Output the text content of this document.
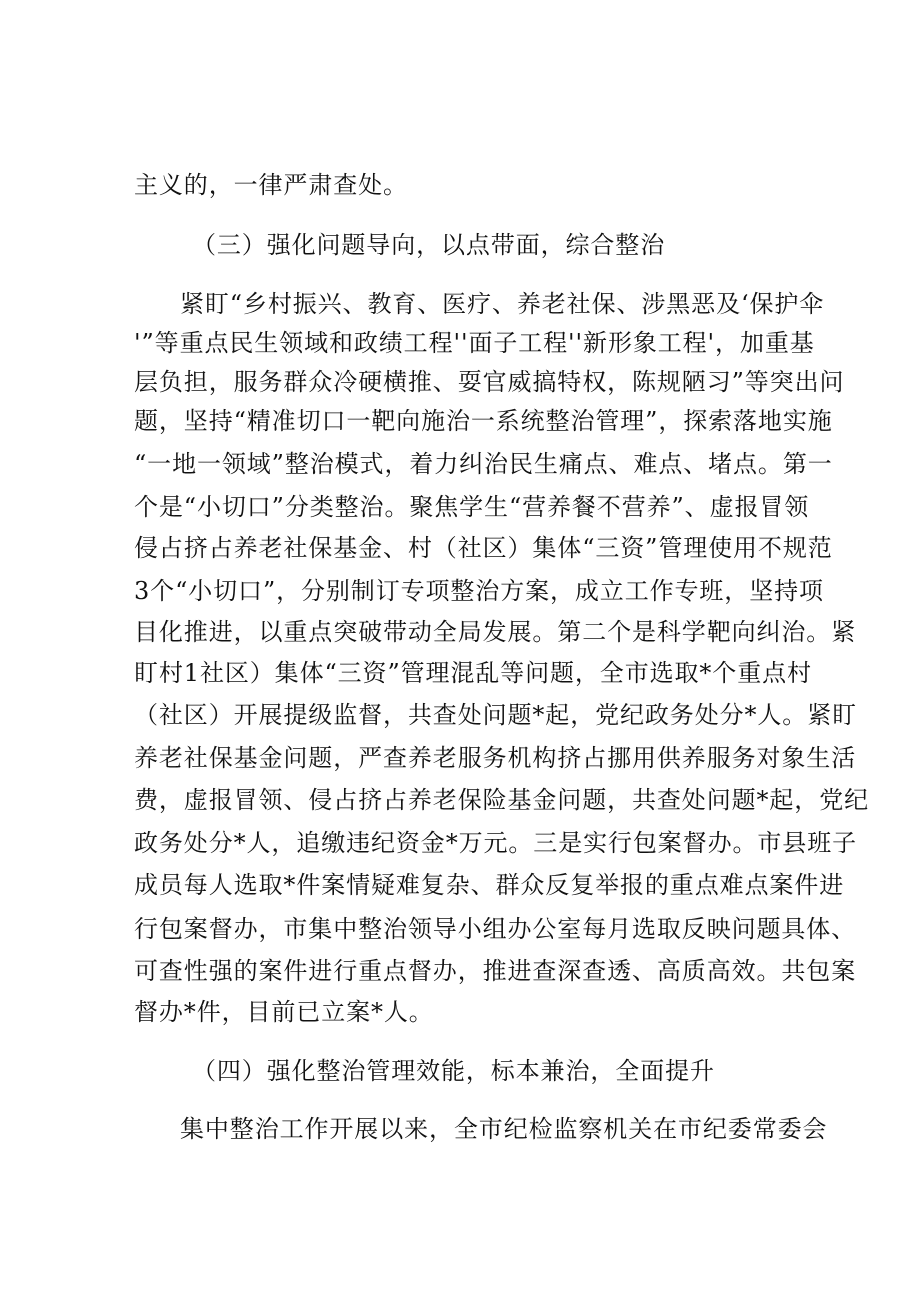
主义的，一律严肃查处。
（三）强化问题导向，以点带面，综合整治
紧盯“乡村振兴、教育、医疗、养老社保、涉黑恶及‘保护伞
'”等重点民生领域和政绩工程''面子工程''新形象工程'，加重基
层负担，服务群众冷硬横推、耍官威搞特权，陈规陋习”等突出问
题，坚持“精准切口一靶向施治一系统整治管理”，探索落地实施
“一地一领域”整治模式，着力纠治民生痛点、难点、堵点。第一
个是“小切口”分类整治。聚焦学生“营养餐不营养”、虚报冒领
侵占挤占养老社保基金、村（社区）集体“三资”管理使用不规范
3个“小切口”，分别制订专项整治方案，成立工作专班，坚持项
目化推进，以重点突破带动全局发展。第二个是科学靶向纠治。紧
盯村1社区）集体“三资”管理混乱等问题，全市选取*个重点村
（社区）开展提级监督，共查处问题*起，党纪政务处分*人。紧盯
养老社保基金问题，严查养老服务机构挤占挪用供养服务对象生活
费，虚报冒领、侵占挤占养老保险基金问题，共查处问题*起，党纪
政务处分*人，追缴违纪资金*万元。三是实行包案督办。市县班子
成员每人选取*件案情疑难复杂、群众反复举报的重点难点案件进
行包案督办，市集中整治领导小组办公室每月选取反映问题具体、
可查性强的案件进行重点督办，推进查深查透、高质高效。共包案
督办*件，目前已立案*人。
（四）强化整治管理效能，标本兼治，全面提升
集中整治工作开展以来，全市纪检监察机关在市纪委常委会
